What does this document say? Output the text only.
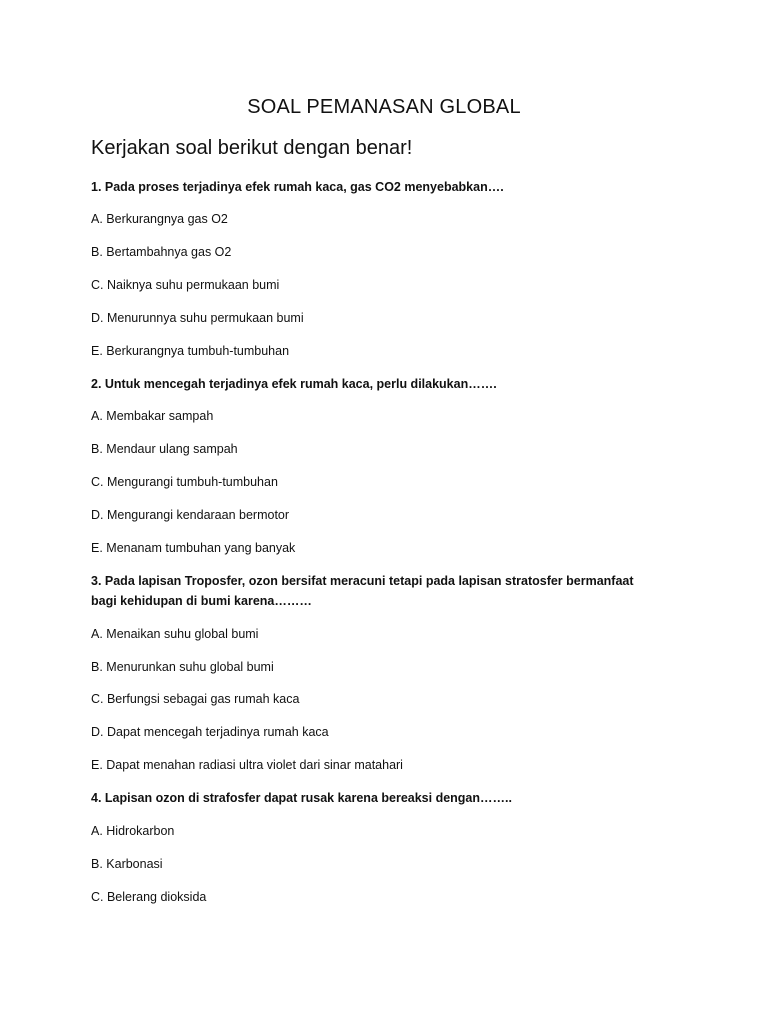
SOAL PEMANASAN GLOBAL
Kerjakan soal berikut dengan benar!
1. Pada proses terjadinya efek rumah kaca, gas CO2 menyebabkan….
A. Berkurangnya gas O2
B. Bertambahnya gas O2
C. Naiknya suhu permukaan bumi
D. Menurunnya suhu permukaan bumi
E. Berkurangnya tumbuh-tumbuhan
2. Untuk mencegah terjadinya efek rumah kaca, perlu dilakukan…….
A. Membakar sampah
B. Mendaur ulang sampah
C. Mengurangi tumbuh-tumbuhan
D. Mengurangi kendaraan bermotor
E. Menanam tumbuhan yang banyak
3. Pada lapisan Troposfer, ozon bersifat meracuni tetapi pada lapisan stratosfer bermanfaat bagi kehidupan di bumi karena………
A. Menaikan suhu global bumi
B. Menurunkan suhu global bumi
C. Berfungsi sebagai gas rumah kaca
D. Dapat mencegah terjadinya rumah kaca
E. Dapat menahan radiasi ultra violet dari sinar matahari
4. Lapisan ozon di strafosfer dapat rusak karena bereaksi dengan……..
A. Hidrokarbon
B. Karbonasi
C. Belerang dioksida
